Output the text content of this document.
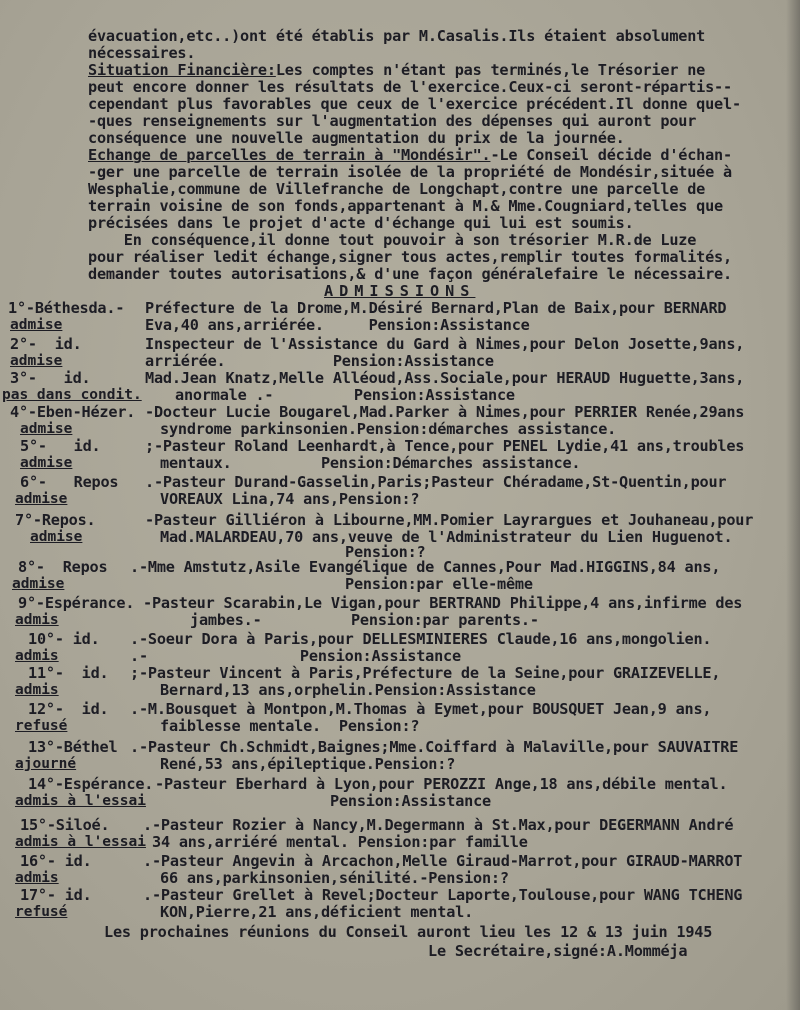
évacuation,etc..)ont été établis par M.Casalis.Ils étaient absolument
nécessaires.
Situation Financière:Les comptes n'étant pas terminés,le Trésorier ne
peut encore donner les résultats de l'exercice.Ceux-ci seront-répartis--
cependant plus favorables que ceux de l'exercice précédent.Il donne quel-
-ques renseignements sur l'augmentation des dépenses qui auront pour
conséquence une nouvelle augmentation du prix de la journée.
Echange de parcelles de terrain à "Mondésir".-Le Conseil décide d'échan-
-ger une parcelle de terrain isolée de la propriété de Mondésir,située à
Wesphalie,commune de Villefranche de Longchapt,contre une parcelle de
terrain voisine de son fonds,appartenant à M.& Mme.Cougniard,telles que
précisées dans le projet d'acte d'échange qui lui est soumis.
En conséquence,il donne tout pouvoir à son trésorier M.R.de Luze
pour réaliser ledit échange,signer tous actes,remplir toutes formalités,
demander toutes autorisations,& d'une façon généralefaire le nécessaire.
ADMISSIONS
1°-Béthesda.- Préfecture de la Drome,M.Désiré Bernard,Plan de Baix,pour BERNARD
admise	Eva,40 ans,arriérée.     Pension:Assistance
2°-  id.	Inspecteur de l'Assistance du Gard à Nimes,pour Delon Josette,9ans,
admise	arriérée.            Pension:Assistance
3°-   id.	Mad.Jean Knatz,Melle Alléoud,Ass.Sociale,pour HERAUD Huguette,3ans,
pas dans condit. anormale .-         Pension:Assistance
4°-Eben-Hézer. -Docteur Lucie Bougarel,Mad.Parker à Nimes,pour PERRIER Renée,29ans
admise	syndrome parkinsonien.Pension:démarches assistance.
5°-   id.	;-Pasteur Roland Leenhardt,à Tence,pour PENEL Lydie,41 ans,troubles
admise	mentaux.          Pension:Démarches assistance.
6°-   Repos .-Pasteur Durand-Gasselin,Paris;Pasteur Chéradame,St-Quentin,pour
admise	VOREAUX Lina,74 ans,Pension:?
7°-Repos.	-Pasteur Gilliéron à Libourne,MM.Pomier Layrargues et Jouhaneau,pour
admise	Mad.MALARDEAU,70 ans,veuve de l'Administrateur du Lien Huguenot.
Pension:?
8°-  Repos .-Mme Amstutz,Asile Evangélique de Cannes,Pour Mad.HIGGINS,84 ans,
admise	Pension:par elle-même
9°-Espérance. -Pasteur Scarabin,Le Vigan,pour BERTRAND Philippe,4 ans,infirme des
admis	jambes.-          Pension:par parents.-
10°- id. .-Soeur Dora à Paris,pour DELLESMINIERES Claude,16 ans,mongolien.
admis	.-                 Pension:Assistance
11°-  id. ;-Pasteur Vincent à Paris,Préfecture de la Seine,pour GRAIZEVELLE,
admis	Bernard,13 ans,orphelin.Pension:Assistance
12°-  id. .-M.Bousquet à Montpon,M.Thomas à Eymet,pour BOUSQUET Jean,9 ans,
refusé	faiblesse mentale.  Pension:?
13°-Béthel .-Pasteur Ch.Schmidt,Baignes;Mme.Coiffard à Malaville,pour SAUVAITRE
ajourné	René,53 ans,épileptique.Pension:?
14°-Espérance. -Pasteur Eberhard à Lyon,pour PEROZZI Ange,18 ans,débile mental.
admis à l'essai	Pension:Assistance
15°-Siloé. .-Pasteur Rozier à Nancy,M.Degermann à St.Max,pour DEGERMANN André
admis à l'essai 34 ans,arriéré mental. Pension:par famille
16°- id.	.-Pasteur Angevin à Arcachon,Melle Giraud-Marrot,pour GIRAUD-MARROT
admis	66 ans,parkinsonien,sénilité.-Pension:?
17°- id.	.-Pasteur Grellet à Revel;Docteur Laporte,Toulouse,pour WANG TCHENG
refusé	KON,Pierre,21 ans,déficient mental.
Les prochaines réunions du Conseil auront lieu les 12 & 13 juin 1945
Le Secrétaire,signé:A.Momméja
